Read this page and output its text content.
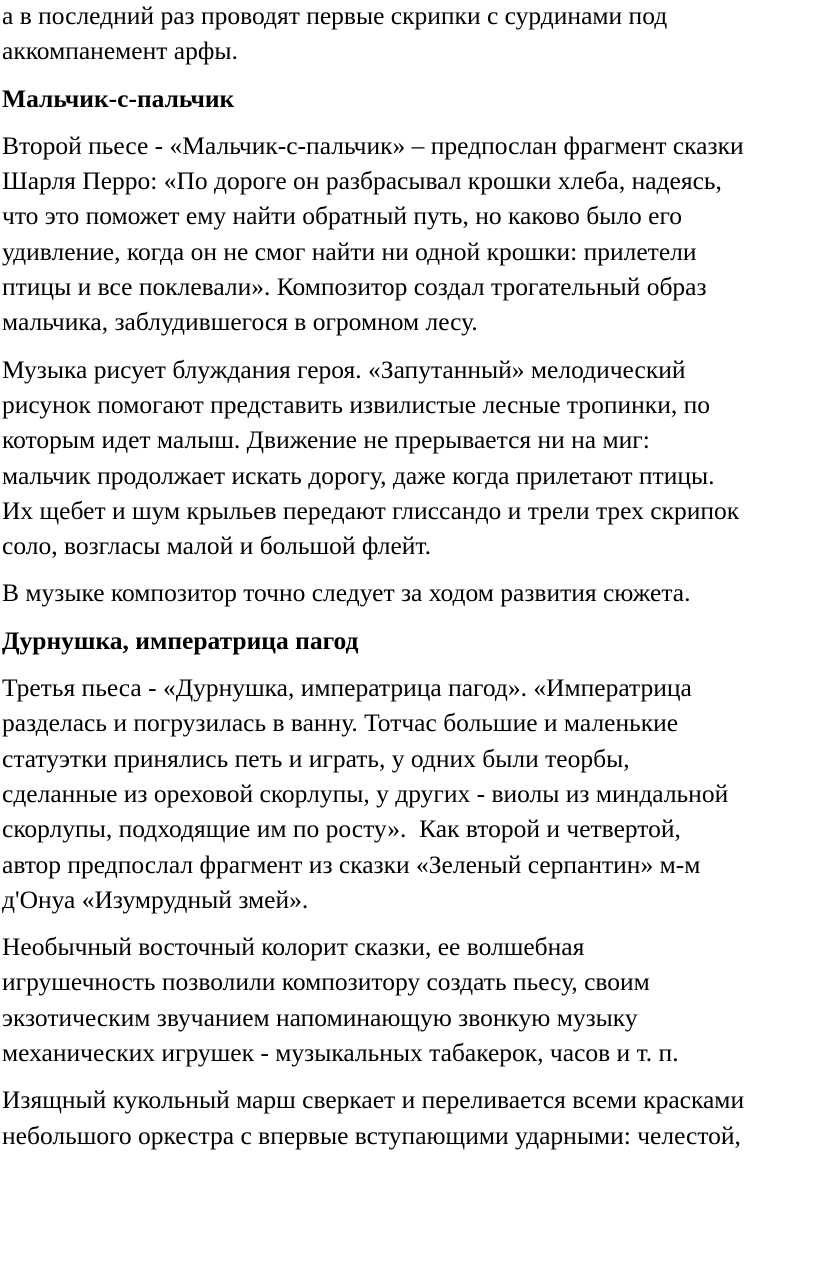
а в последний раз проводят первые скрипки с сурдинами под
аккомпанемент арфы.
Мальчик-с-пальчик
Второй пьесе - «Мальчик-с-пальчик» – предпослан фрагмент сказки
Шарля Перро: «По дороге он разбрасывал крошки хлеба, надеясь,
что это поможет ему найти обратный путь, но каково было его
удивление, когда он не смог найти ни одной крошки: прилетели
птицы и все поклевали». Композитор создал трогательный образ
мальчика, заблудившегося в огромном лесу.
Музыка рисует блуждания героя. «Запутанный» мелодический
рисунок помогают представить извилистые лесные тропинки, по
которым идет малыш. Движение не прерывается ни на миг:
мальчик продолжает искать дорогу, даже когда прилетают птицы.
Их щебет и шум крыльев передают глиссандо и трели трех скрипок
соло, возгласы малой и большой флейт.
В музыке композитор точно следует за ходом развития сюжета.
Дурнушка, императрица пагод
Третья пьеса - «Дурнушка, императрица пагод». «Императрица
разделась и погрузилась в ванну. Тотчас большие и маленькие
статуэтки принялись петь и играть, у одних были теорбы,
сделанные из ореховой скорлупы, у других - виолы из миндальной
скорлупы, подходящие им по росту».  Как второй и четвертой,
автор предпослал фрагмент из сказки «Зеленый серпантин» м-м
д'Онуа «Изумрудный змей».
Необычный восточный колорит сказки, ее волшебная
игрушечность позволили композитору создать пьесу, своим
экзотическим звучанием напоминающую звонкую музыку
механических игрушек - музыкальных табакерок, часов и т. п.
Изящный кукольный марш сверкает и переливается всеми красками
небольшого оркестра с впервые вступающими ударными: челестой,
